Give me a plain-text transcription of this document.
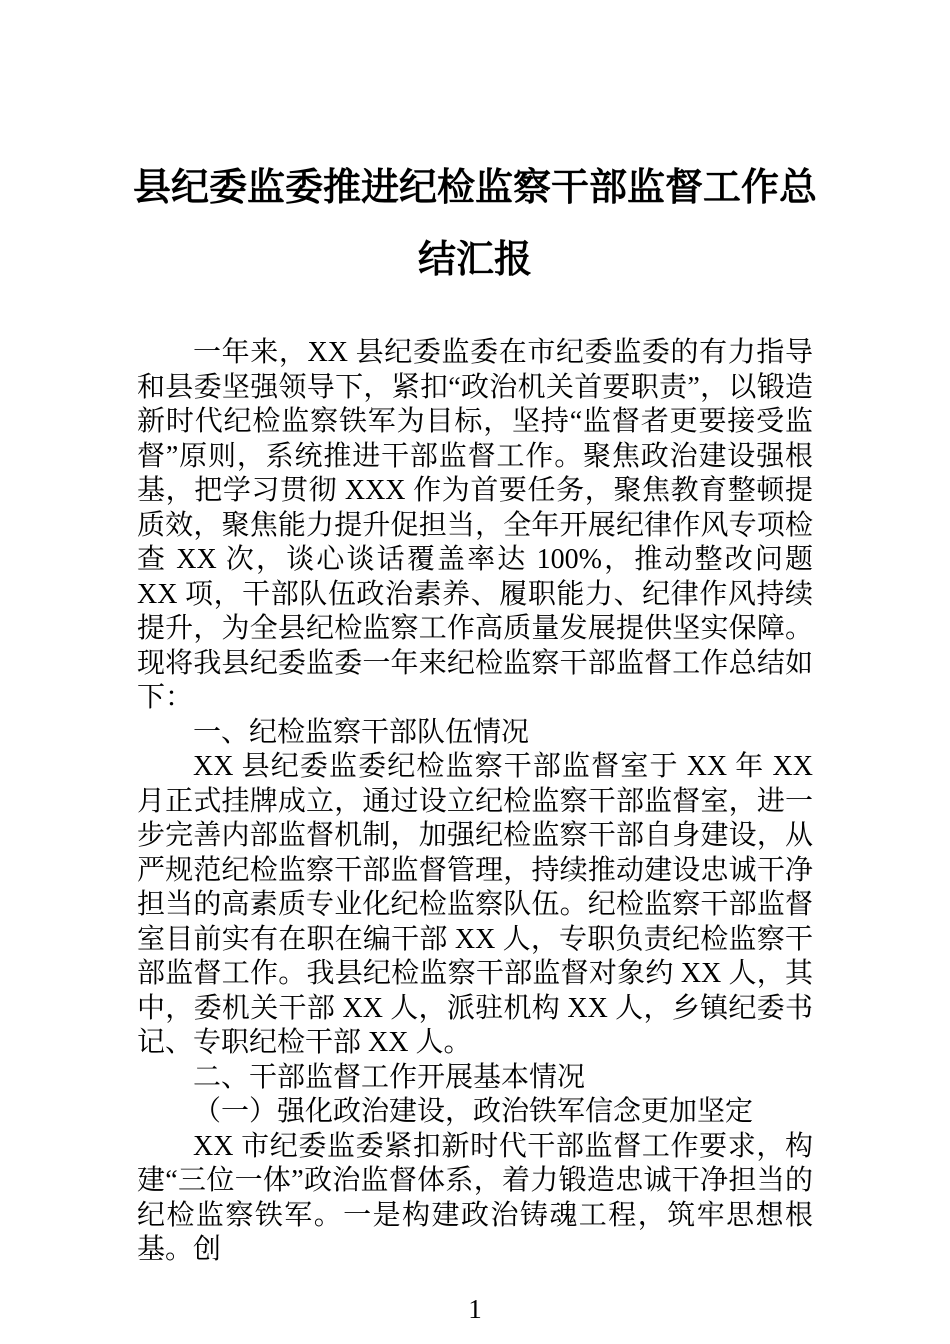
县纪委监委推进纪检监察干部监督工作总结汇报

一年来，XX 县纪委监委在市纪委监委的有力指导和县委坚强领导下，紧扣“政治机关首要职责”，以锻造新时代纪检监察铁军为目标，坚持“监督者更要接受监督”原则，系统推进干部监督工作。聚焦政治建设强根基，把学习贯彻 XXX 作为首要任务，聚焦教育整顿提质效，聚焦能力提升促担当，全年开展纪律作风专项检查 XX 次，谈心谈话覆盖率达 100%，推动整改问题 XX 项，干部队伍政治素养、履职能力、纪律作风持续提升，为全县纪检监察工作高质量发展提供坚实保障。现将我县纪委监委一年来纪检监察干部监督工作总结如下：

一、纪检监察干部队伍情况

XX 县纪委监委纪检监察干部监督室于 XX 年 XX 月正式挂牌成立，通过设立纪检监察干部监督室，进一步完善内部监督机制，加强纪检监察干部自身建设，从严规范纪检监察干部监督管理，持续推动建设忠诚干净担当的高素质专业化纪检监察队伍。纪检监察干部监督室目前实有在职在编干部 XX 人，专职负责纪检监察干部监督工作。我县纪检监察干部监督对象约 XX 人，其中，委机关干部 XX 人，派驻机构 XX 人，乡镇纪委书记、专职纪检干部 XX 人。

二、干部监督工作开展基本情况

（一）强化政治建设，政治铁军信念更加坚定

XX 市纪委监委紧扣新时代干部监督工作要求，构建“三位一体”政治监督体系，着力锻造忠诚干净担当的纪检监察铁军。一是构建政治铸魂工程，筑牢思想根基。创

1
